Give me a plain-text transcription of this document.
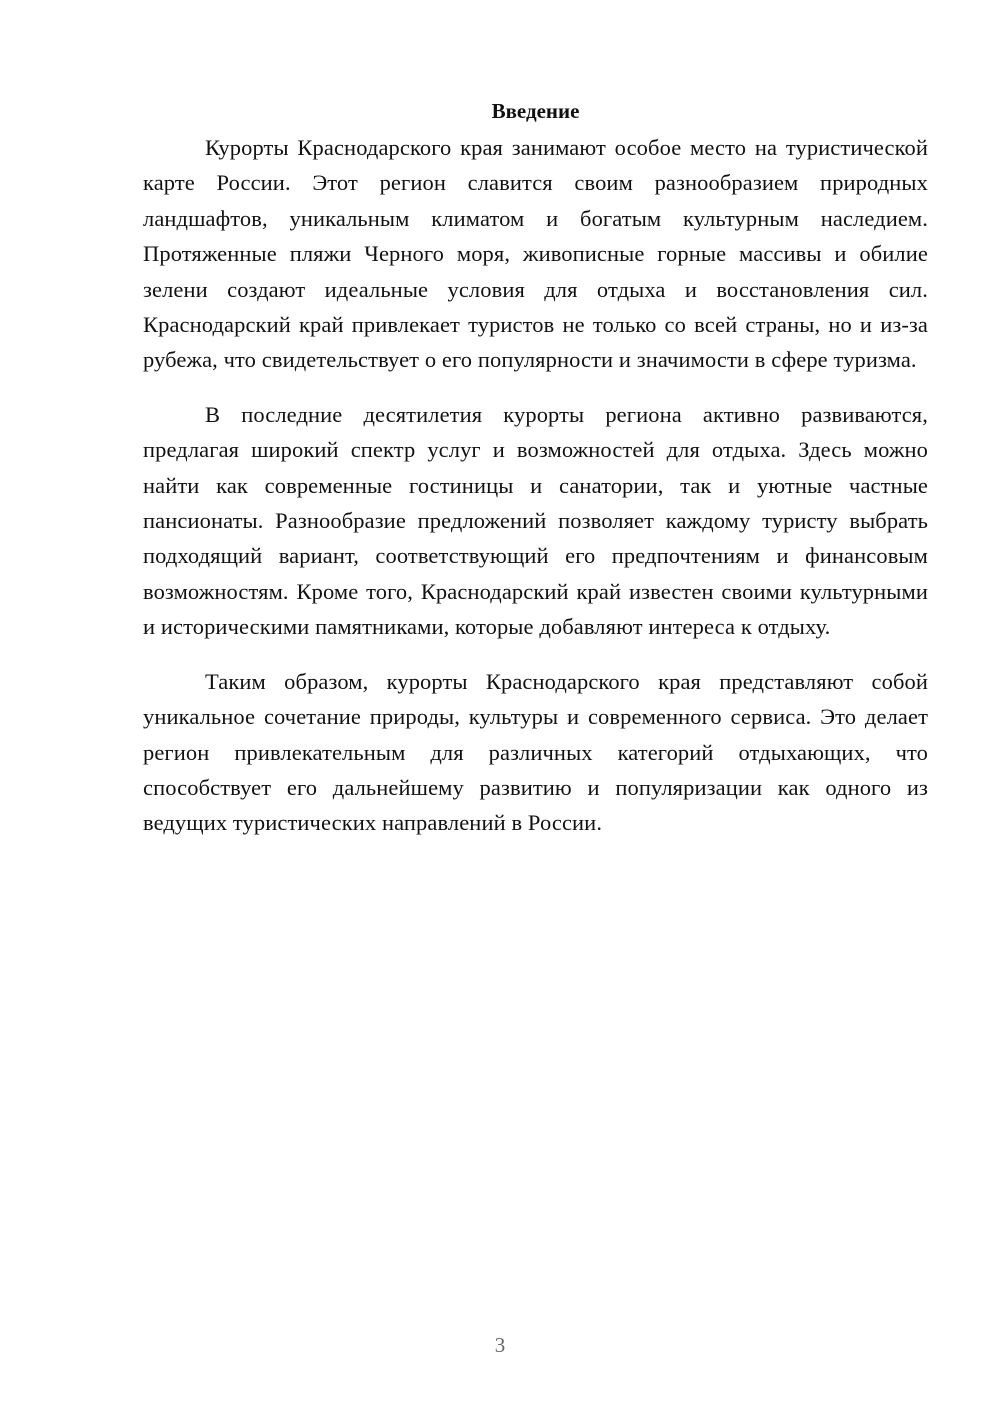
Введение

Курорты Краснодарского края занимают особое место на туристической карте России. Этот регион славится своим разнообразием природных ландшафтов, уникальным климатом и богатым культурным наследием. Протяженные пляжи Черного моря, живописные горные массивы и обилие зелени создают идеальные условия для отдыха и восстановления сил. Краснодарский край привлекает туристов не только со всей страны, но и из-за рубежа, что свидетельствует о его популярности и значимости в сфере туризма.

В последние десятилетия курорты региона активно развиваются, предлагая широкий спектр услуг и возможностей для отдыха. Здесь можно найти как современные гостиницы и санатории, так и уютные частные пансионаты. Разнообразие предложений позволяет каждому туристу выбрать подходящий вариант, соответствующий его предпочтениям и финансовым возможностям. Кроме того, Краснодарский край известен своими культурными и историческими памятниками, которые добавляют интереса к отдыху.

Таким образом, курорты Краснодарского края представляют собой уникальное сочетание природы, культуры и современного сервиса. Это делает регион привлекательным для различных категорий отдыхающих, что способствует его дальнейшему развитию и популяризации как одного из ведущих туристических направлений в России.

3
